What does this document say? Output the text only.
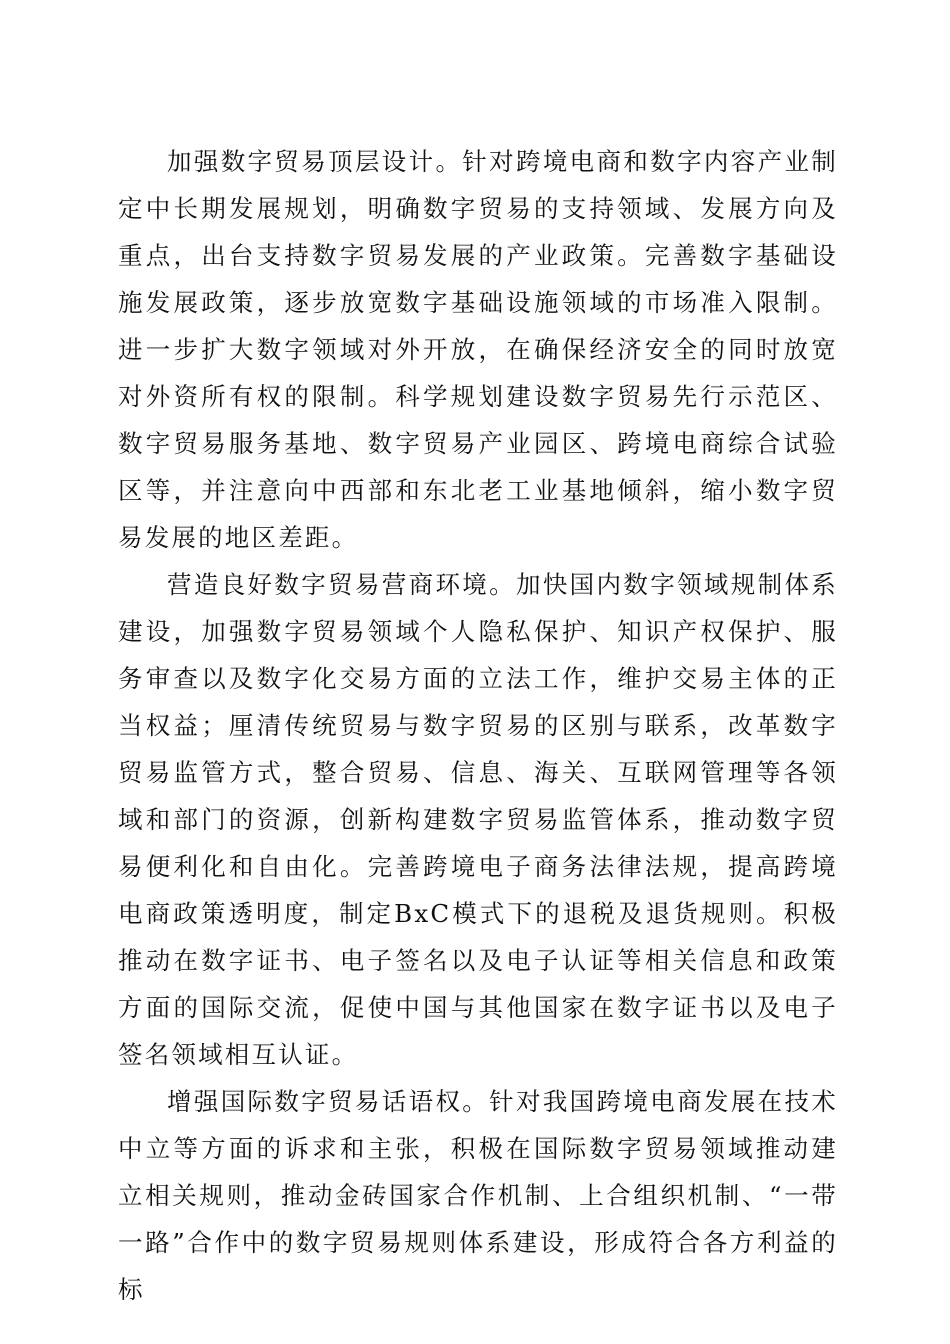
加强数字贸易顶层设计。针对跨境电商和数字内容产业制定中长期发展规划，明确数字贸易的支持领域、发展方向及重点，出台支持数字贸易发展的产业政策。完善数字基础设施发展政策，逐步放宽数字基础设施领域的市场准入限制。进一步扩大数字领域对外开放，在确保经济安全的同时放宽对外资所有权的限制。科学规划建设数字贸易先行示范区、数字贸易服务基地、数字贸易产业园区、跨境电商综合试验区等，并注意向中西部和东北老工业基地倾斜，缩小数字贸易发展的地区差距。

营造良好数字贸易营商环境。加快国内数字领域规制体系建设，加强数字贸易领域个人隐私保护、知识产权保护、服务审查以及数字化交易方面的立法工作，维护交易主体的正当权益；厘清传统贸易与数字贸易的区别与联系，改革数字贸易监管方式，整合贸易、信息、海关、互联网管理等各领域和部门的资源，创新构建数字贸易监管体系，推动数字贸易便利化和自由化。完善跨境电子商务法律法规，提高跨境电商政策透明度，制定BxC模式下的退税及退货规则。积极推动在数字证书、电子签名以及电子认证等相关信息和政策方面的国际交流，促使中国与其他国家在数字证书以及电子签名领域相互认证。

增强国际数字贸易话语权。针对我国跨境电商发展在技术中立等方面的诉求和主张，积极在国际数字贸易领域推动建立相关规则，推动金砖国家合作机制、上合组织机制、“一带一路”合作中的数字贸易规则体系建设，形成符合各方利益的标
